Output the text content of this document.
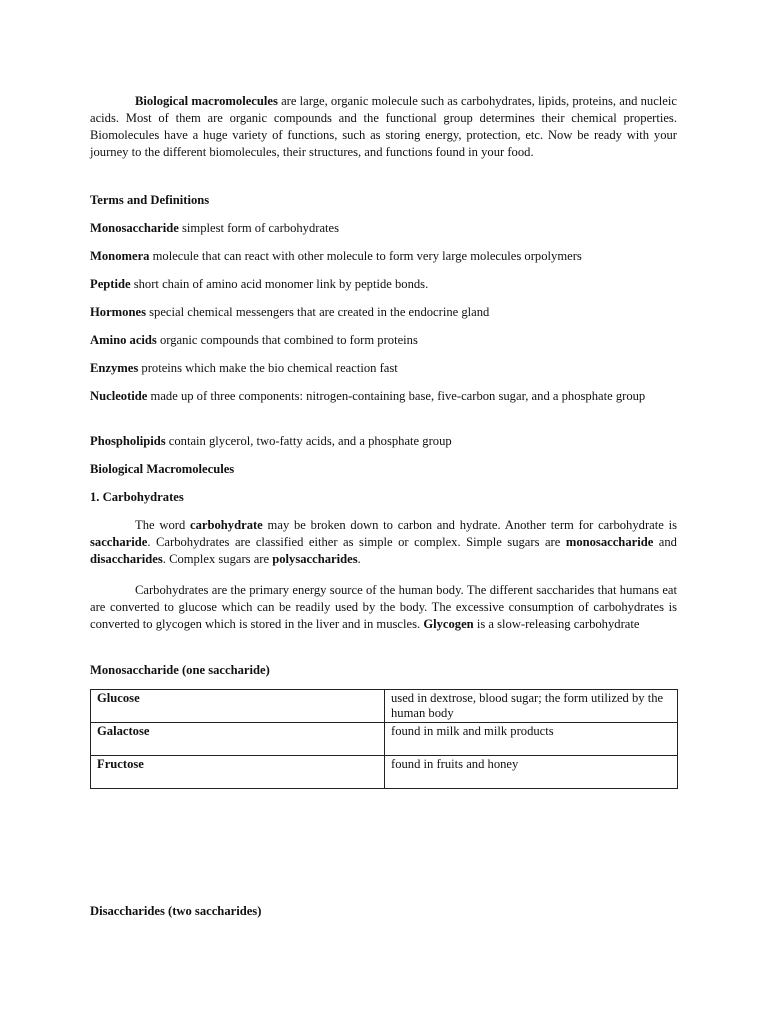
Biological macromolecules are large, organic molecule such as carbohydrates, lipids, proteins, and nucleic acids. Most of them are organic compounds and the functional group determines their chemical properties. Biomolecules have a huge variety of functions, such as storing energy, protection, etc. Now be ready with your journey to the different biomolecules, their structures, and functions found in your food.

Terms and Definitions

Monosaccharide simplest form of carbohydrates

Monomera molecule that can react with other molecule to form very large molecules orpolymers

Peptide short chain of amino acid monomer link by peptide bonds.

Hormones special chemical messengers that are created in the endocrine gland

Amino acids organic compounds that combined to form proteins

Enzymes proteins which make the bio chemical reaction fast

Nucleotide made up of three components: nitrogen-containing base, five-carbon sugar, and a phosphate group

Phospholipids contain glycerol, two-fatty acids, and a phosphate group

Biological Macromolecules
1. Carbohydrates

The word carbohydrate may be broken down to carbon and hydrate. Another term for carbohydrate is saccharide. Carbohydrates are classified either as simple or complex. Simple sugars are monosaccharide and disaccharides. Complex sugars are polysaccharides.

Carbohydrates are the primary energy source of the human body. The different saccharides that humans eat are converted to glucose which can be readily used by the body. The excessive consumption of carbohydrates is converted to glycogen which is stored in the liver and in muscles. Glycogen is a slow-releasing carbohydrate

Monosaccharide (one saccharide)
Glucose	used in dextrose, blood sugar; the form utilized by the human body
Galactose	found in milk and milk products
Fructose	found in fruits and honey
Disaccharides (two saccharides)
